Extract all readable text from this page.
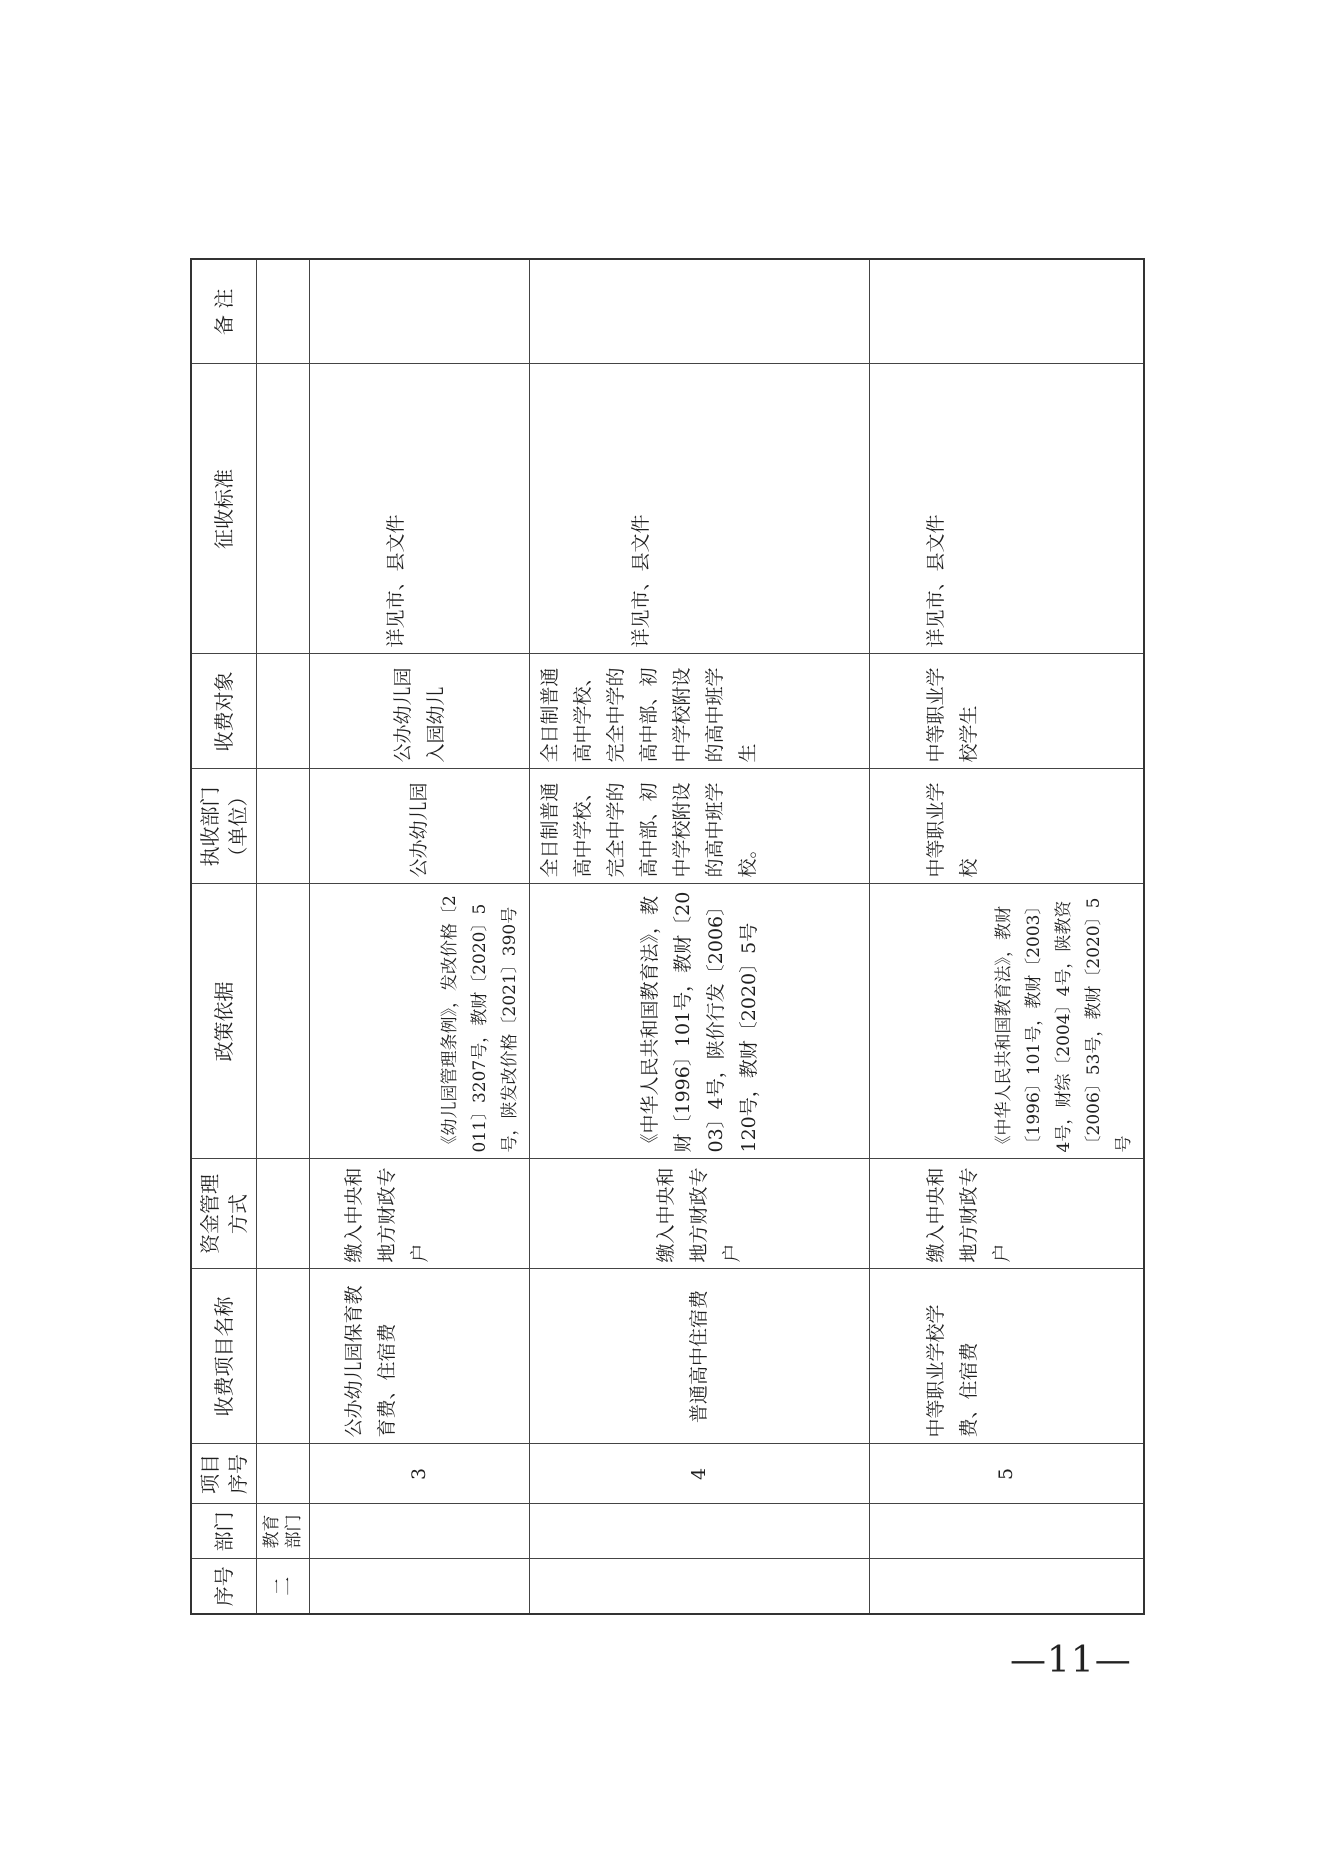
序号	部门	项目序号	收费项目名称	资金管理方式	政策依据	执收部门（单位）	收费对象	征收标准	备 注
二	教育部门								
		3	公办幼儿园保育教育费、住宿费	缴入中央和地方财政专户	《幼儿园管理条例》，发改价格〔2011〕3207号，教财〔2020〕5号，陕发改价格〔2021〕390号	公办幼儿园	公办幼儿园入园幼儿	详见市、县文件	
		4	普通高中住宿费	缴入中央和地方财政专户	《中华人民共和国教育法》，教财〔1996〕101号，教财〔2003〕4号，陕价行发〔2006〕120号，教财〔2020〕5号	全日制普通高中学校、完全中学的高中部、初中学校附设的高中班学校。	全日制普通高中学校、完全中学的高中部、初中学校附设的高中班学生	详见市、县文件	
		5	中等职业学校学费、住宿费	缴入中央和地方财政专户	《中华人民共和国教育法》，教财〔1996〕101号，教财〔2003〕4号，财综〔2004〕4号，陕教资〔2006〕53号，教财〔2020〕5号	中等职业学校	中等职业学校学生	详见市、县文件	
—11—
